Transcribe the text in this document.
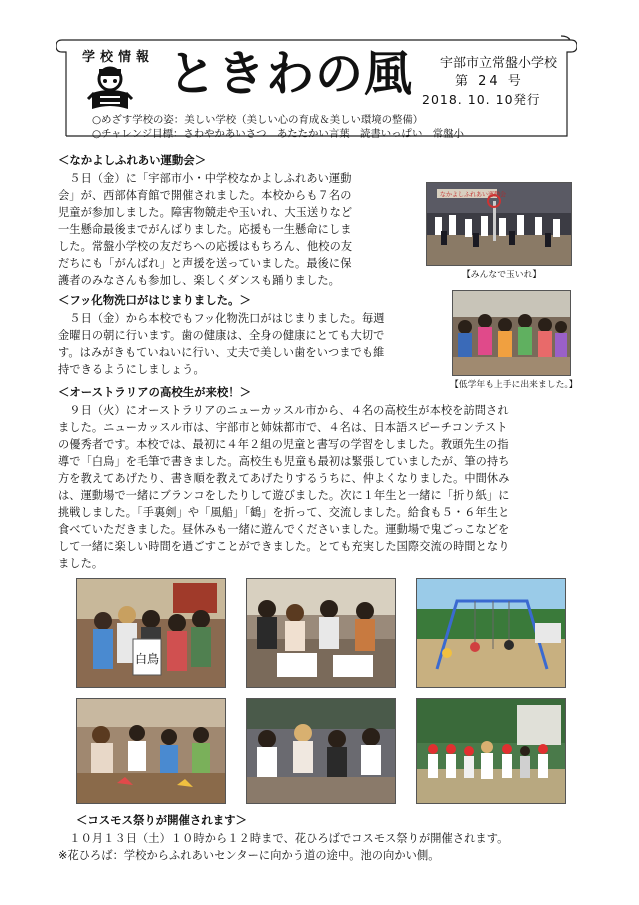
学校情報 ときわの風 宇部市立常盤小学校
第 24 号
2018. 10. 10発行
○めざす学校の姿：美しい学校（美しい心の育成＆美しい環境の整備）
○チャレンジ目標：さわやかあいさつ　あたたかい言葉　読書いっぱい　常盤小
＜なかよしふれあい運動会＞
　５日（金）に「宇部市小・中学校なかよしふれあい運動
会」が、西部体育館で開催されました。本校からも７名の
児童が参加しました。障害物競走や玉いれ、大玉送りなど
一生懸命最後までがんばりました。応援も一生懸命にしま
した。常盤小学校の友だちへの応援はもちろん、他校の友
だちにも「がんばれ」と声援を送っていました。最後に保
護者のみなさんも参加し、楽しくダンスも踊りました。
なかよしふれあい運動会
【みんなで玉いれ】
＜フッ化物洗口がはじまりました。＞
　５日（金）から本校でもフッ化物洗口がはじまりました。毎週
金曜日の朝に行います。歯の健康は、全身の健康にとても大切で
す。はみがきもていねいに行い、丈夫で美しい歯をいつまでも維
持できるようにしましょう。
【低学年も上手に出来ました。】
＜オーストラリアの高校生が来校！＞
　９日（火）にオーストラリアのニューカッスル市から、４名の高校生が本校を訪問され
ました。ニューカッスル市は、宇部市と姉妹都市で、４名は、日本語スピーチコンテスト
の優秀者です。本校では、最初に４年２組の児童と書写の学習をしました。教頭先生の指
導で「白鳥」を毛筆で書きました。高校生も児童も最初は緊張していましたが、筆の持ち
方を教えてあげたり、書き順を教えてあげたりするうちに、仲よくなりました。中間休み
は、運動場で一緒にブランコをしたりして遊びました。次に１年生と一緒に「折り紙」に
挑戦しました。「手裏剣」や「風船」「鶴」を折って、交流しました。給食も５・６年生と
食べていただきました。昼休みも一緒に遊んでくださいました。運動場で鬼ごっこなどを
して一緒に楽しい時間を過ごすことができました。とても充実した国際交流の時間となり
ました。
白鳥
＜コスモス祭りが開催されます＞
　１０月１３日（土）１０時から１２時まで、花ひろばでコスモス祭りが開催されます。
※花ひろば：学校からふれあいセンターに向かう道の途中。池の向かい側。
